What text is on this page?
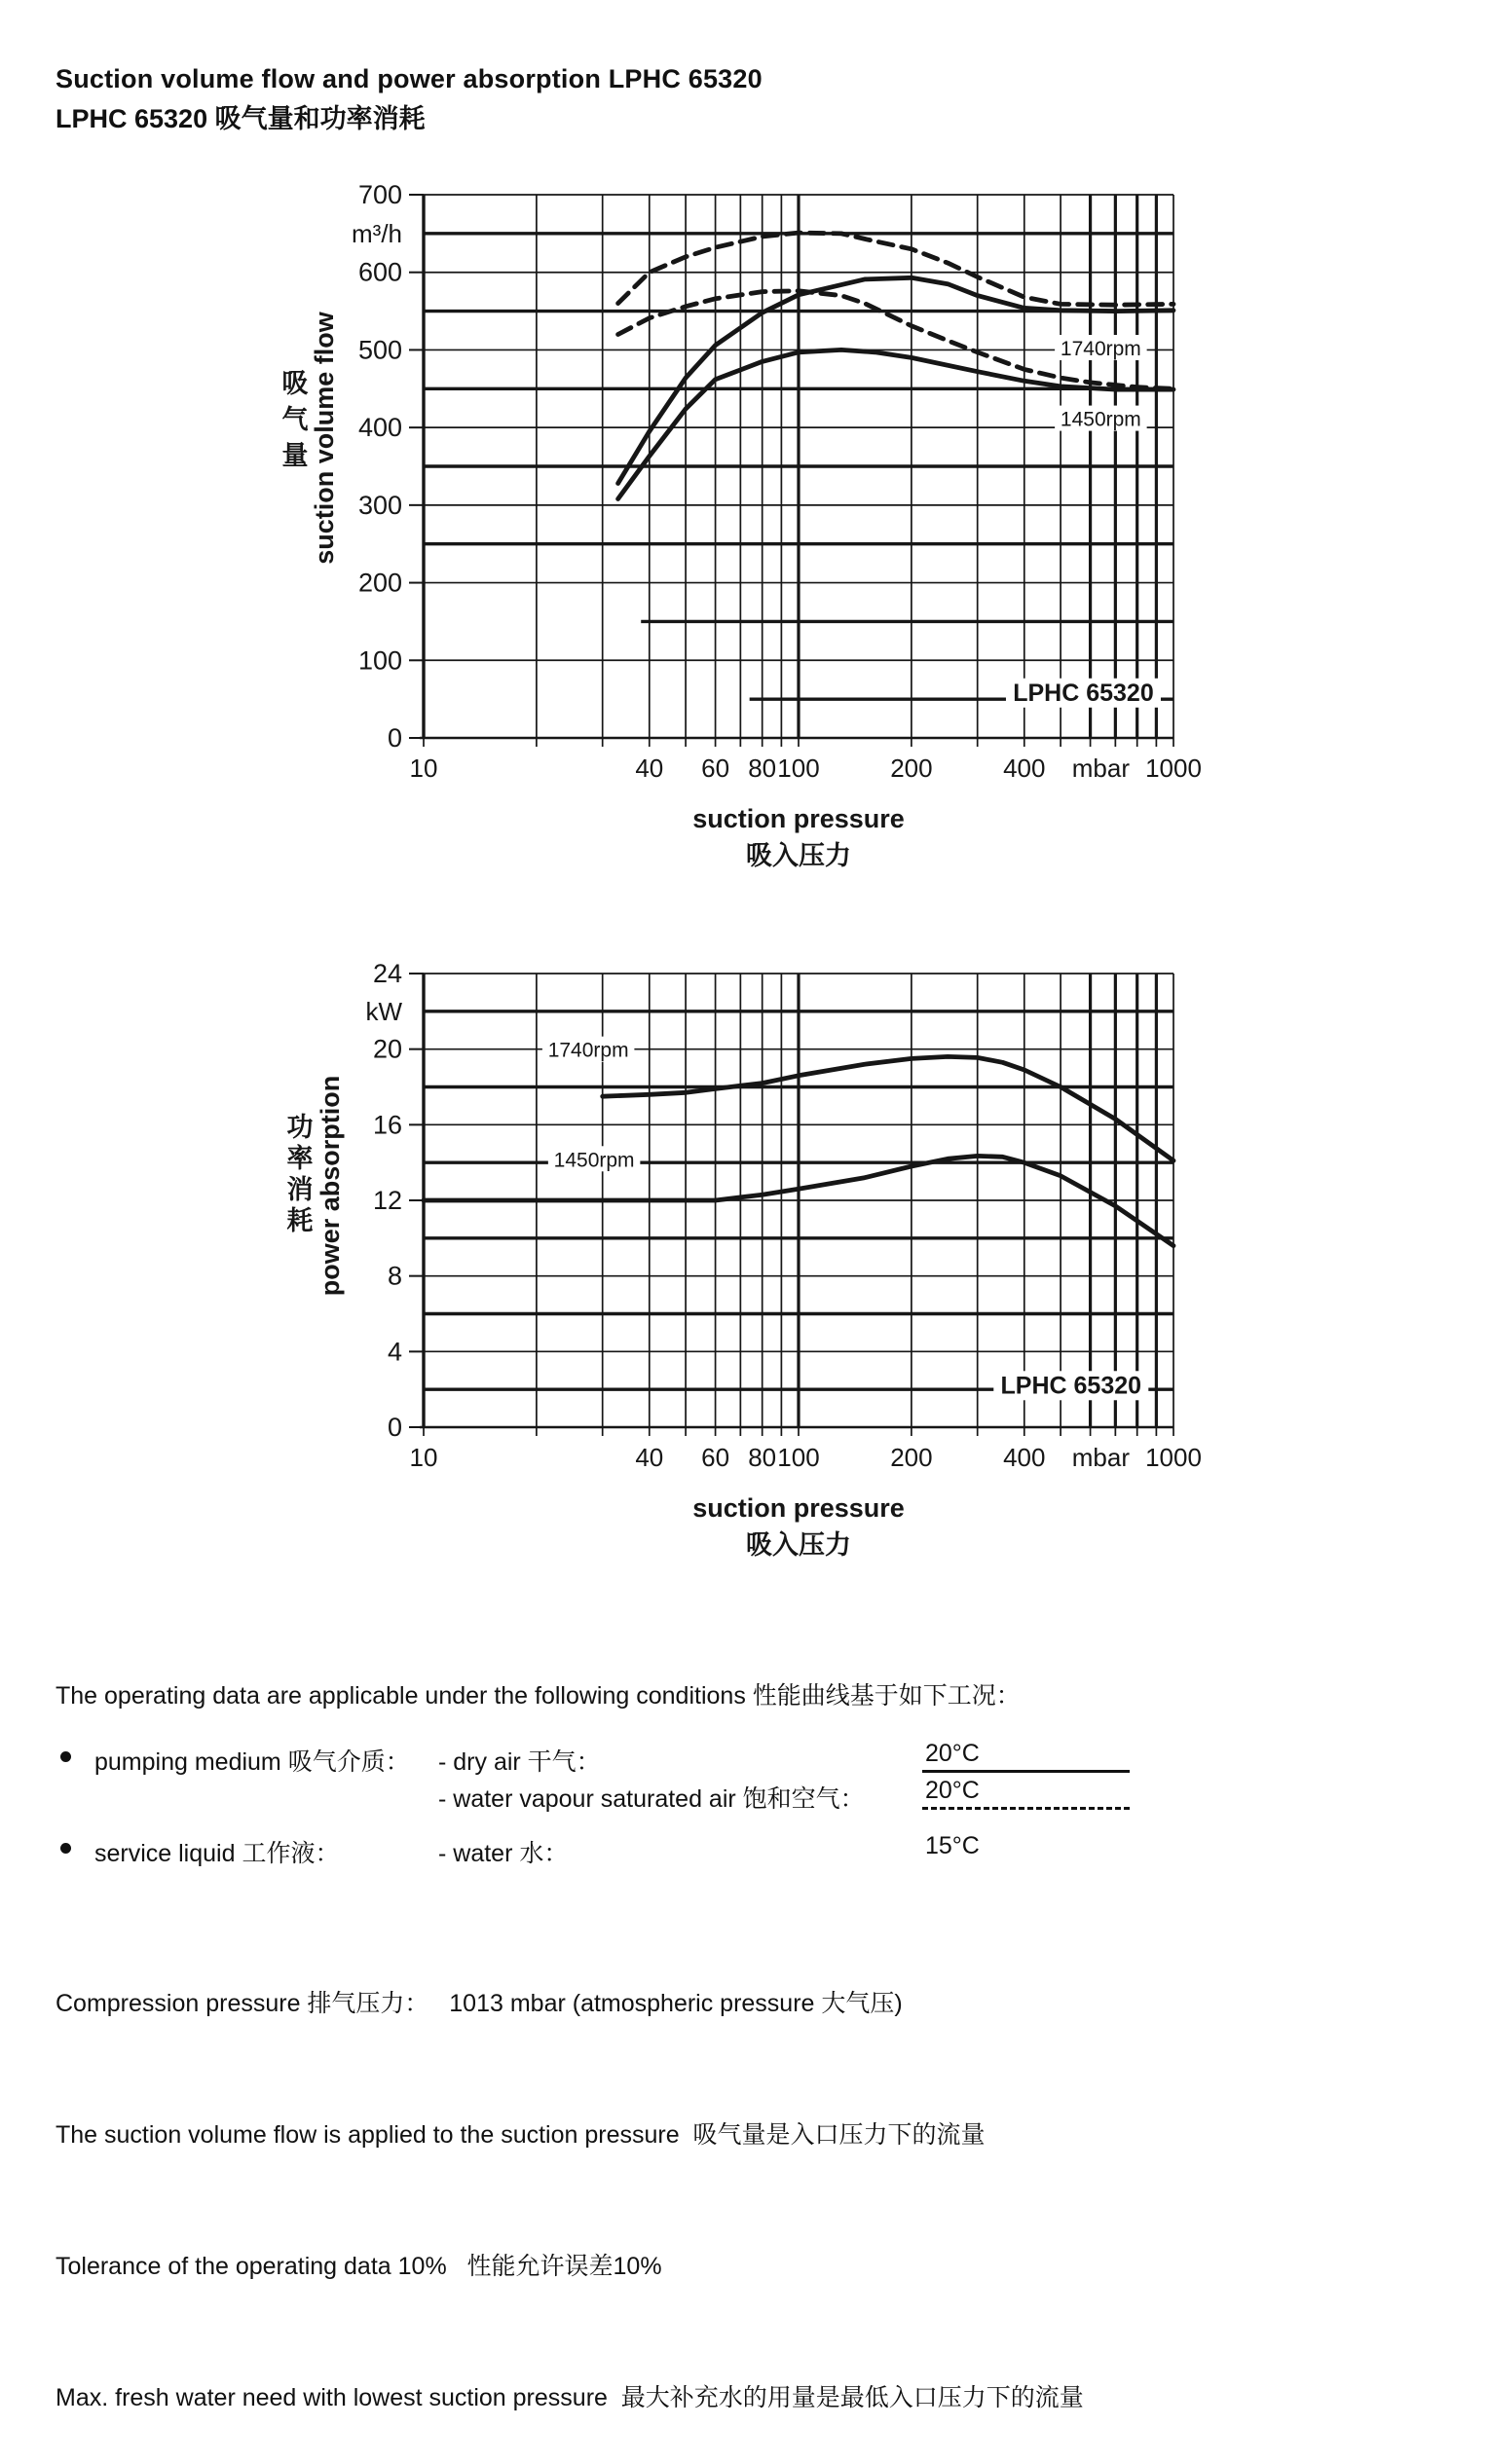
Suction volume flow and power absorption LPHC 65320
LPHC 65320 吸气量和功率消耗
700
600
500
400
300
200
100
0
m³/h
10	40 60 80 100	200	400	1000
mbar
suction pressure
吸入压力
suction volume flow
吸
气
量
1740rpm
1450rpm
LPHC 65320
24
20
16
12
8
4
0
kW
10	40 60 80 100	200	400	1000
mbar
suction pressure
吸入压力
power absorption
功
率
消
耗
1740rpm
1450rpm
LPHC 65320
The operating data are applicable under the following conditions 性能曲线基于如下工况：
pumping medium 吸气介质： - dry air 干气：	20°C
- water vapour saturated air 饱和空气： 20°C
service liquid 工作液：	- water 水：	15°C

Compression pressure 排气压力：   1013 mbar (atmospheric pressure 大气压)

The suction volume flow is applied to the suction pressure  吸气量是入口压力下的流量

Tolerance of the operating data 10%   性能允许误差10%

Max. fresh water need with lowest suction pressure  最大补充水的用量是最低入口压力下的流量
